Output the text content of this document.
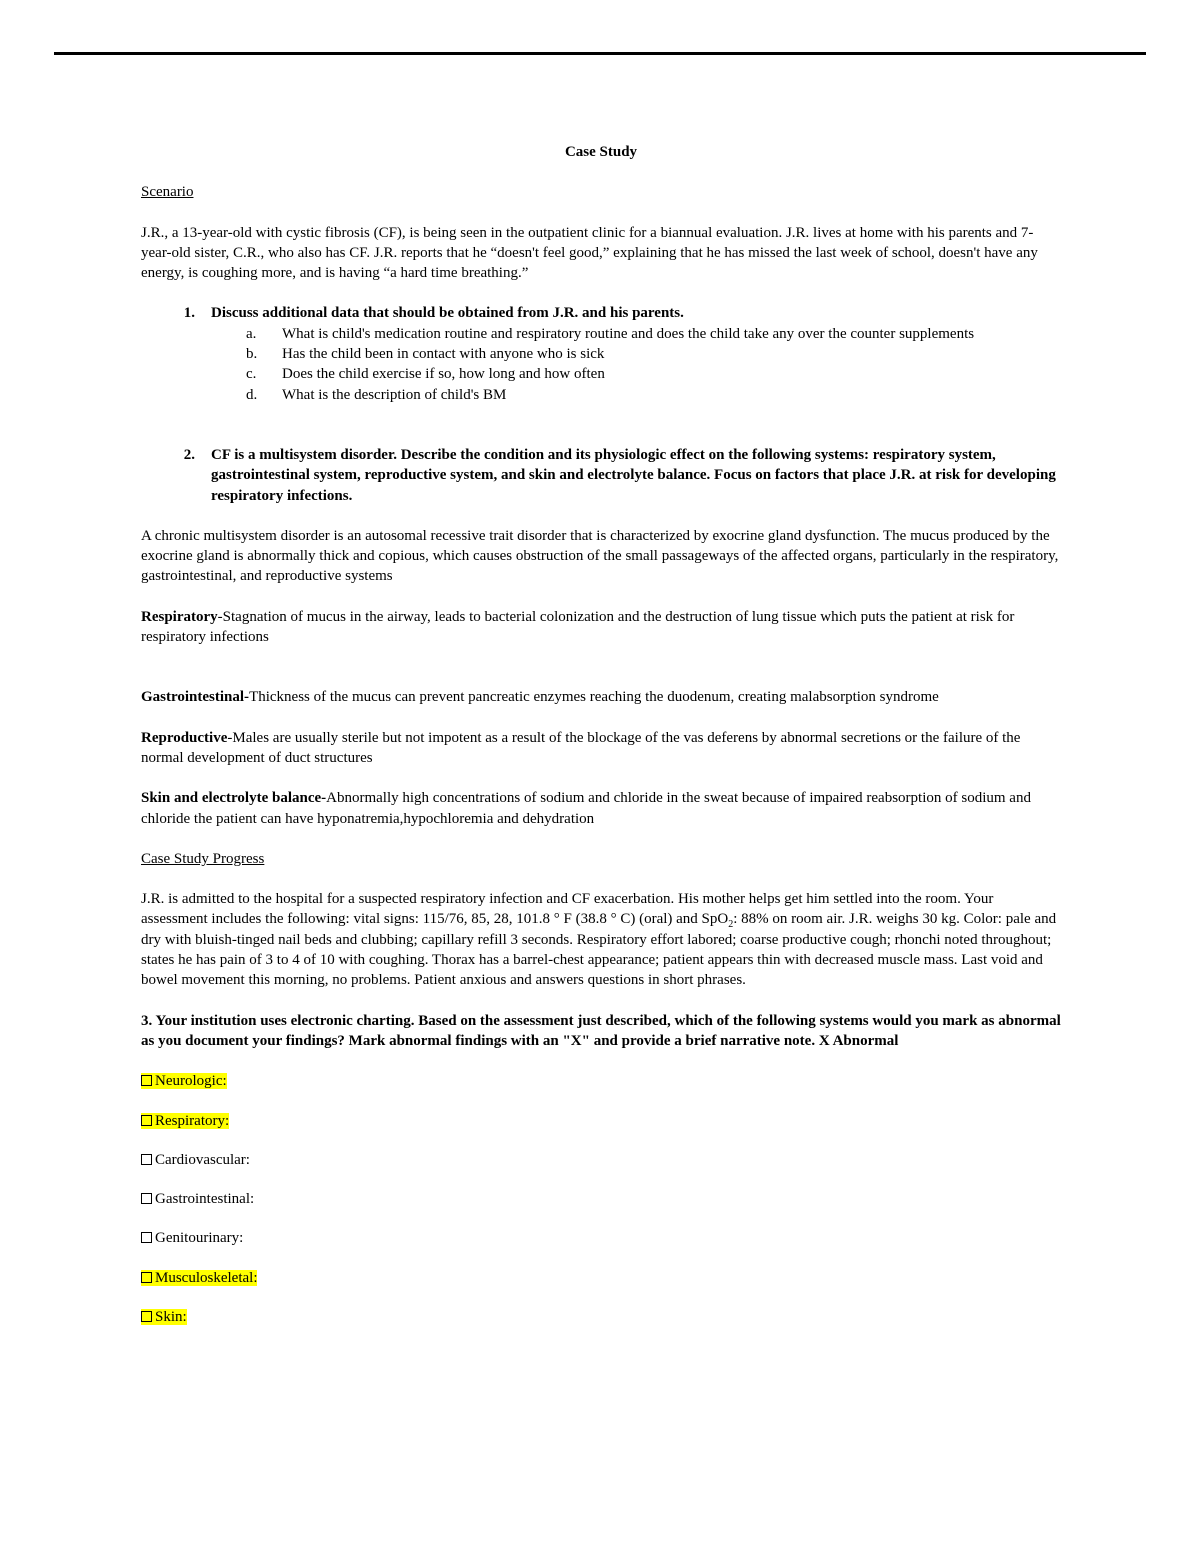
Case Study
Scenario

J.R., a 13-year-old with cystic fibrosis (CF), is being seen in the outpatient clinic for a biannual evaluation. J.R. lives at home with his parents and 7-year-old sister, C.R., who also has CF. J.R. reports that he “doesn't feel good,” explaining that he has missed the last week of school, doesn't have any energy, is coughing more, and is having “a hard time breathing.”

1.	Discuss additional data that should be obtained from J.R. and his parents.
a.	What is child's medication routine and respiratory routine and does the child take any over the counter supplements
b.	Has the child been in contact with anyone who is sick
c.	Does the child exercise if so, how long and how often
d.	What is the description of child's BM
2.	CF is a multisystem disorder. Describe the condition and its physiologic effect on the following systems: respiratory system, gastrointestinal system, reproductive system, and skin and electrolyte balance. Focus on factors that place J.R. at risk for developing respiratory infections.

A chronic multisystem disorder is an autosomal recessive trait disorder that is characterized by exocrine gland dysfunction. The mucus produced by the exocrine gland is abnormally thick and copious, which causes obstruction of the small passageways of the affected organs, particularly in the respiratory, gastrointestinal, and reproductive systems

Respiratory-Stagnation of mucus in the airway, leads to bacterial colonization and the destruction of lung tissue which puts the patient at risk for respiratory infections

Gastrointestinal-Thickness of the mucus can prevent pancreatic enzymes reaching the duodenum, creating malabsorption syndrome

Reproductive-Males are usually sterile but not impotent as a result of the blockage of the vas deferens by abnormal secretions or the failure of the normal development of duct structures

Skin and electrolyte balance-Abnormally high concentrations of sodium and chloride in the sweat because of impaired reabsorption of sodium and chloride the patient can have hyponatremia,hypochloremia and dehydration

Case Study Progress

J.R. is admitted to the hospital for a suspected respiratory infection and CF exacerbation. His mother helps get him settled into the room. Your assessment includes the following: vital signs: 115/76, 85, 28, 101.8 ° F (38.8 ° C) (oral) and SpO$_2$: 88% on room air. J.R. weighs 30 kg. Color: pale and dry with bluish-tinged nail beds and clubbing; capillary refill 3 seconds. Respiratory effort labored; coarse productive cough; rhonchi noted throughout; states he has pain of 3 to 4 of 10 with coughing. Thorax has a barrel-chest appearance; patient appears thin with decreased muscle mass. Last void and bowel movement this morning, no problems. Patient anxious and answers questions in short phrases.

3. Your institution uses electronic charting. Based on the assessment just described, which of the following systems would you mark as abnormal as you document your findings? Mark abnormal findings with an "X" and provide a brief narrative note. X Abnormal

Neurologic:
Respiratory:
Cardiovascular:
Gastrointestinal:
Genitourinary:
Musculoskeletal:
Skin:
